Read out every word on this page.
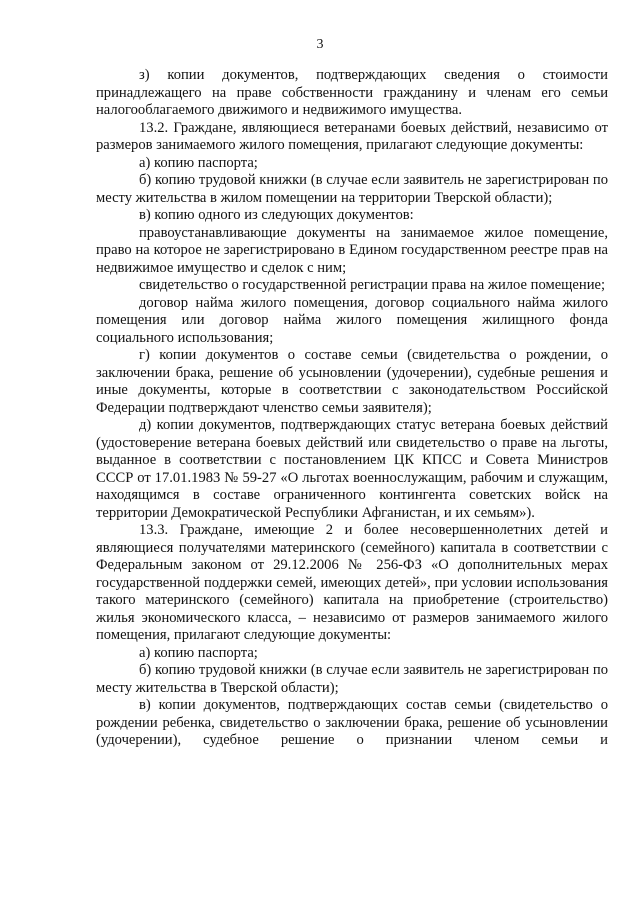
3

з) копии документов, подтверждающих сведения о стоимости принадлежащего на праве собственности гражданину и членам его семьи налогооблагаемого движимого и недвижимого имущества.

13.2. Граждане, являющиеся ветеранами боевых действий, независимо от размеров занимаемого жилого помещения, прилагают следующие документы:

а) копию паспорта;

б) копию трудовой книжки (в случае если заявитель не зарегистрирован по месту жительства в жилом помещении на территории Тверской области);

в) копию одного из следующих документов:

правоустанавливающие документы на занимаемое жилое помещение, право на которое не зарегистрировано в Едином государственном реестре прав на недвижимое имущество и сделок с ним;

свидетельство о государственной регистрации права на жилое помещение;

договор найма жилого помещения, договор социального найма жилого помещения или договор найма жилого помещения жилищного фонда социального использования;

г) копии документов о составе семьи (свидетельства о рождении, о заключении брака, решение об усыновлении (удочерении), судебные решения и иные документы, которые в соответствии с законодательством Российской Федерации подтверждают членство семьи заявителя);

д) копии документов, подтверждающих статус ветерана боевых действий (удостоверение ветерана боевых действий или свидетельство о праве на льготы, выданное в соответствии с постановлением ЦК КПСС и Совета Министров СССР от 17.01.1983 № 59-27 «О льготах военнослужащим, рабочим и служащим, находящимся в составе ограниченного контингента советских войск на территории Демократической Республики Афганистан, и их семьям»).

13.3. Граждане, имеющие 2 и более несовершеннолетних детей и являющиеся получателями материнского (семейного) капитала в соответствии с Федеральным законом от 29.12.2006 № 256-ФЗ «О дополнительных мерах государственной поддержки семей, имеющих детей», при условии использования такого материнского (семейного) капитала на приобретение (строительство) жилья экономического класса, – независимо от размеров занимаемого жилого помещения, прилагают следующие документы:

а) копию паспорта;

б) копию трудовой книжки (в случае если заявитель не зарегистрирован по месту жительства в Тверской области);

в) копии документов, подтверждающих состав семьи (свидетельство о рождении ребенка, свидетельство о заключении брака, решение об усыновлении (удочерении), судебное решение о признании членом семьи и
